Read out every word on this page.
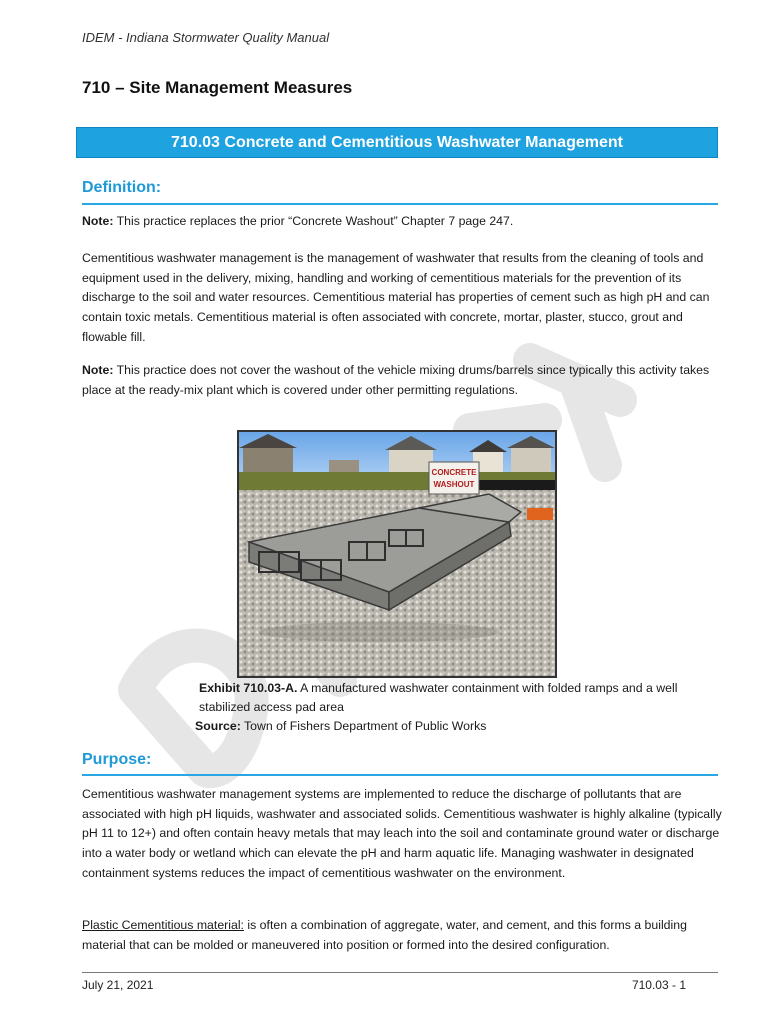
IDEM - Indiana Stormwater Quality Manual
710 – Site Management Measures
710.03 Concrete and Cementitious Washwater Management
Definition:
Note: This practice replaces the prior “Concrete Washout” Chapter 7 page 247.
Cementitious washwater management is the management of washwater that results from the cleaning of tools and equipment used in the delivery, mixing, handling and working of cementitious materials for the prevention of its discharge to the soil and water resources. Cementitious material has properties of cement such as high pH and can contain toxic metals. Cementitious material is often associated with concrete, mortar, plaster, stucco, grout and flowable fill.
Note: This practice does not cover the washout of the vehicle mixing drums/barrels since typically this activity takes place at the ready-mix plant which is covered under other permitting regulations.
CONCRETE
WASHOUT
Exhibit 710.03-A. A manufactured washwater containment with folded ramps and a well stabilized access pad area
Source: Town of Fishers Department of Public Works
Purpose:
Cementitious washwater management systems are implemented to reduce the discharge of pollutants that are associated with high pH liquids, washwater and associated solids. Cementitious washwater is highly alkaline (typically pH 11 to 12+) and often contain heavy metals that may leach into the soil and contaminate ground water or discharge into a water body or wetland which can elevate the pH and harm aquatic life. Managing washwater in designated containment systems reduces the impact of cementitious washwater on the environment.
Plastic Cementitious material: is often a combination of aggregate, water, and cement, and this forms a building material that can be molded or maneuvered into position or formed into the desired configuration.
July 21, 2021	710.03 - 1
